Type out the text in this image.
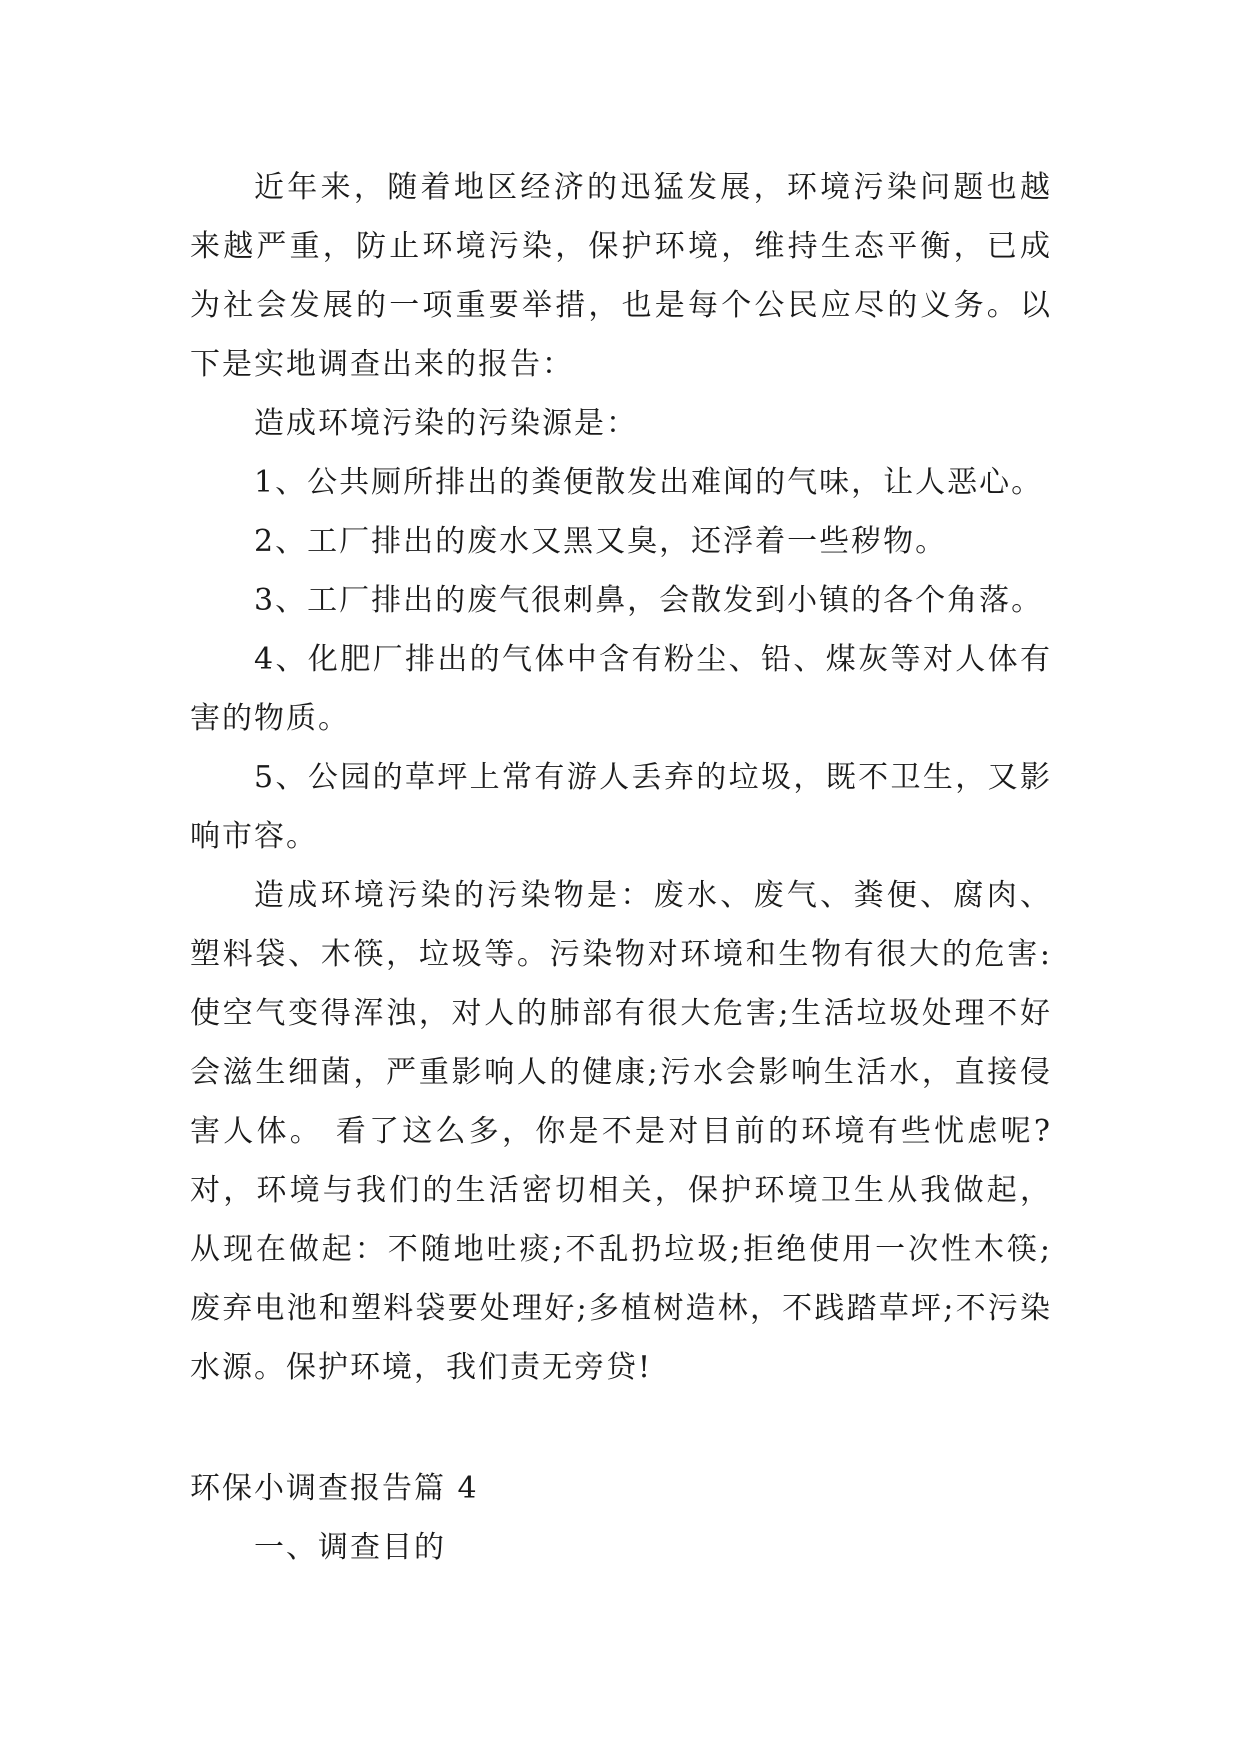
近年来，随着地区经济的迅猛发展，环境污染问题也越来越严重，防止环境污染，保护环境，维持生态平衡，已成为社会发展的一项重要举措，也是每个公民应尽的义务。以下是实地调查出来的报告：

造成环境污染的污染源是：

1、公共厕所排出的粪便散发出难闻的气味，让人恶心。

2、工厂排出的废水又黑又臭，还浮着一些秽物。

3、工厂排出的废气很刺鼻，会散发到小镇的各个角落。

4、化肥厂排出的气体中含有粉尘、铅、煤灰等对人体有害的物质。

5、公园的草坪上常有游人丢弃的垃圾，既不卫生，又影响市容。

造成环境污染的污染物是：废水、废气、粪便、腐肉、塑料袋、木筷，垃圾等。污染物对环境和生物有很大的危害:使空气变得浑浊，对人的肺部有很大危害;生活垃圾处理不好会滋生细菌，严重影响人的健康;污水会影响生活水，直接侵害人体。 看了这么多，你是不是对目前的环境有些忧虑呢?对，环境与我们的生活密切相关，保护环境卫生从我做起，从现在做起：不随地吐痰;不乱扔垃圾;拒绝使用一次性木筷;废弃电池和塑料袋要处理好;多植树造林，不践踏草坪;不污染水源。保护环境，我们责无旁贷!

环保小调查报告篇 4

一、调查目的
